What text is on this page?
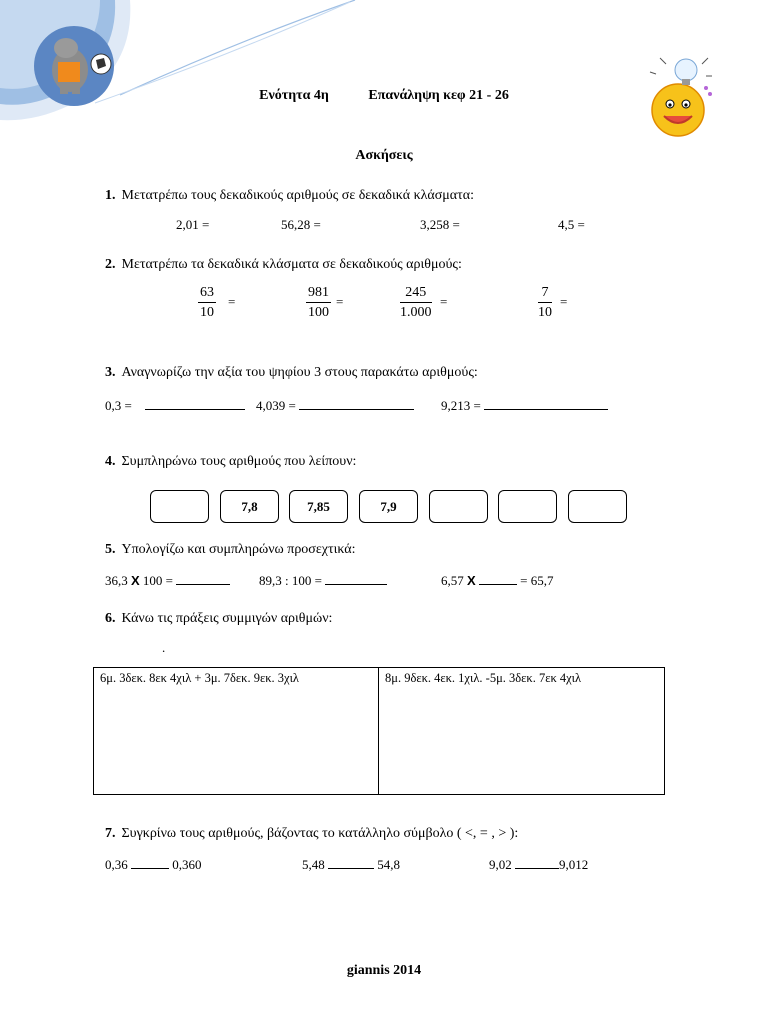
Ενότητα 4η	Επανάληψη κεφ 21 - 26
Ασκήσεις
1. Μετατρέπω τους δεκαδικούς αριθμούς σε δεκαδικά κλάσματα:
2,01 =	56,28 =	3,258 =	4,5 =
2. Μετατρέπω τα δεκαδικά κλάσματα σε δεκαδικούς αριθμούς:
$\frac{63}{10}$ =	$\frac{981}{100}$ =	$\frac{245}{1.000}$ =	$\frac{7}{10}$ =
3. Αναγνωρίζω την αξία του ψηφίου 3 στους παρακάτω αριθμούς:
0,3 =	4,039 =	9,213 =
4. Συμπληρώνω τους αριθμούς που λείπουν:
7,8	7,85	7,9
5. Υπολογίζω και συμπληρώνω προσεχτικά:
36,3 X 100 =	89,3 : 100 =	6,57 X	= 65,7
6. Κάνω τις πράξεις συμμιγών αριθμών:
.
6μ. 3δεκ. 8εκ 4χιλ + 3μ. 7δεκ. 9εκ. 3χιλ	8μ. 9δεκ. 4εκ. 1χιλ. -5μ. 3δεκ. 7εκ 4χιλ
7. Συγκρίνω τους αριθμούς, βάζοντας το κατάλληλο σύμβολο ( <, = , > ):
0,36	0,360	5,48	54,8	9,02	9,012
giannis 2014
